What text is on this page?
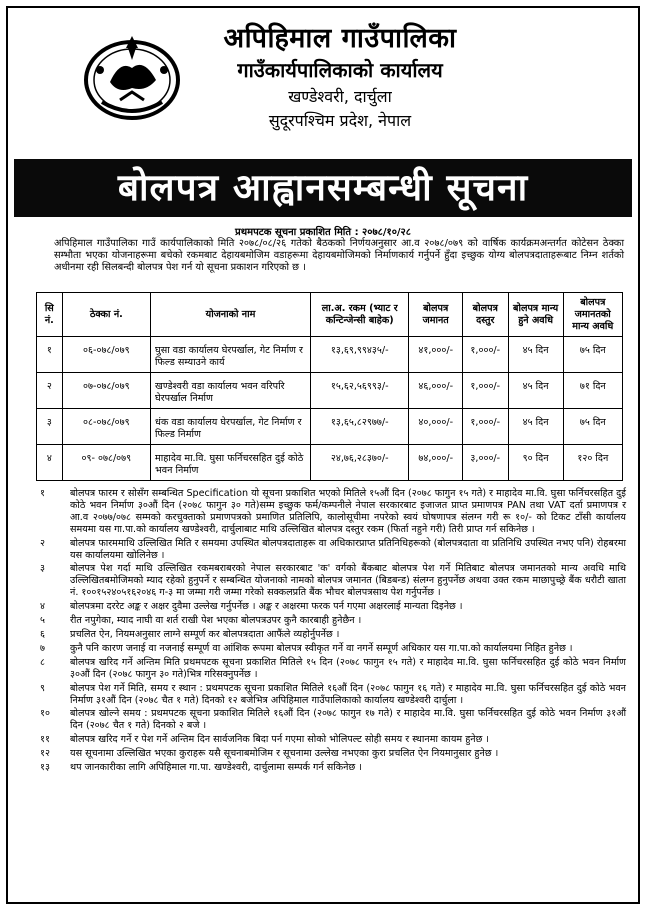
अपिहिमाल गाउँपालिका
गाउँकार्यपालिकाको कार्यालय
खण्डेश्वरी, दार्चुला
सुदूरपश्चिम प्रदेश, नेपाल
बोलपत्र आह्वानसम्बन्धी सूचना
प्रथमपटक सूचना प्रकाशित मिति : २०७८/१०/२८
अपिहिमाल गाउँपालिका गाउँ कार्यपालिकाको मिति २०७८/०८/२६ गतेको बैठकको निर्णयअनुसार आ.व २०७८/०७९ को वार्षिक कार्यक्रमअन्तर्गत कोटेसन ठेक्का सम्भौता भएका योजनाहरूमा बचेको रकमबाट देहायबमोजिम वडाहरूमा देहायबमोजिमको निर्माणकार्य गर्नुपर्ने हुँदा इच्छुक योग्य बोलपत्रदाताहरूबाट निम्न शर्तको अधीनमा रही सिलबन्दी बोलपत्र पेश गर्न यो सूचना प्रकाशन गरिएको छ ।
सि नं.	ठेक्का नं.	योजनाको नाम	ला.अ. रकम (भ्याट र कन्टिन्जेन्सी बाहेक)	बोलपत्र जमानत	बोलपत्र दस्तुर	बोलपत्र मान्य हुने अवधि	बोलपत्र जमानतको मान्य अवधि
१	०६-०७८/०७९	घुसा वडा कार्यालय घेरपर्खाल, गेट निर्माण र फिल्ड सम्याउने कार्य	१३,६९,९९४३५/-	४१,०००/-	१,०००/-	४५ दिन	७५ दिन
२	०७-०७८/०७९	खण्डेश्वरी वडा कार्यालय भवन वरिपरि घेरपर्खाल निर्माण	१५,६२,५६९९३/-	४६,०००/-	१,०००/-	४५ दिन	७१ दिन
३	०८-०७८/०७९	धंक वडा कार्यालय घेरपर्खाल, गेट निर्माण र फिल्ड निर्माण	१३,६५,८२९७७/-	४०,०००/-	१,०००/-	४५ दिन	७५ दिन
४	०९- ०७८/०७९	माहादेव मा.वि. घुसा फर्निचरसहित दुई कोठे भवन निर्माण	२४,७६,२८३७०/-	७४,०००/-	३,०००/-	९० दिन	१२० दिन
१	बोलपत्र फारम र सोसँग सम्बन्धित Specification यो सूचना प्रकाशित भएको मितिले १५औं दिन (२०७८ फागुन १५ गते) र माहादेव मा.वि. घुसा फर्निचरसहित दुई कोठे भवन निर्माण ३०औं दिन (२०७८ फागुन ३० गते)सम्म इच्छुक फर्म/कम्पनीले नेपाल सरकारबाट इजाजत प्राप्त प्रमाणपत्र PAN तथा VAT दर्ता प्रमाणपत्र र आ.व २०७७/०७८ सम्मको करचुक्ताको प्रमाणपत्रको प्रमाणित प्रतिलिपि, कालोसूचीमा नपरेको स्वयं घोषणापत्र संलग्न गरी रू १०/- को टिकट टाँसी कार्यालय समयमा यस गा.पा.को कार्यालय खण्डेश्वरी, दार्चुलाबाट माथि उल्लिखित बोलपत्र दस्तुर रकम (फिर्ता नहुने गरी) तिरी प्राप्त गर्न सकिनेछ ।
२	बोलपत्र फारममाथि उल्लिखित मिति र समयमा उपस्थित बोलपत्रदाताहरू वा अधिकारप्राप्त प्रतिनिधिहरूको (बोलपत्रदाता वा प्रतिनिधि उपस्थित नभए पनि) रोहबरमा यस कार्यालयमा खोलिनेछ ।
३	बोलपत्र पेश गर्दा माथि उल्लिखित रकमबराबरको नेपाल सरकारबाट 'क' वर्गको बैंकबाट बोलपत्र पेश गर्ने मितिबाट बोलपत्र जमानतको मान्य अवधि माथि उल्लिखितबमोजिमको म्याद रहेको हुनुपर्ने र सम्बन्धित योजनाको नामको बोलपत्र जमानत (बिडबन्ड) संलग्न हुनुपर्नेछ अथवा उक्त रकम माछापुच्छ्रे बैंक धरौटी खाता नं. १००१५२४०५१६२०४६ ग-३ मा जम्मा गरी जम्मा गरेको सक्कलप्रति बैंक भौचर बोलपत्रसाथ पेश गर्नुपर्नेछ ।
४	बोलपत्रमा दररेट अङ्क र अक्षर दुवैमा उल्लेख गर्नुपर्नेछ । अङ्क र अक्षरमा फरक पर्न गएमा अक्षरलाई मान्यता दिइनेछ ।
५	रीत नपुगेका, म्याद नाघी वा शर्त राखी पेश भएका बोलपत्रउपर कुनै कारबाही हुनेछैन ।
६	प्रचलित ऐन, नियमअनुसार लाग्ने सम्पूर्ण कर बोलपत्रदाता आफैंले व्यहोर्नुपर्नेछ ।
७	कुनै पनि कारण जनाई वा नजनाई सम्पूर्ण वा आंशिक रूपमा बोलपत्र स्वीकृत गर्ने वा नगर्ने सम्पूर्ण अधिकार यस गा.पा.को कार्यालयमा निहित हुनेछ ।
८	बोलपत्र खरिद गर्ने अन्तिम मिति प्रथमपटक सूचना प्रकाशित मितिले १५ दिन (२०७८ फागुन १५ गते) र माहादेव मा.वि. घुसा फर्निचरसहित दुई कोठे भवन निर्माण ३०औं दिन (२०७८ फागुन ३० गते)भित्र गरिसक्नुपर्नेछ ।
९	बोलपत्र पेश गर्ने मिति, समय र स्थान : प्रथमपटक सूचना प्रकाशित मितिले १६औं दिन (२०७८ फागुन १६ गते) र माहादेव मा.वि. घुसा फर्निचरसहित दुई कोठे भवन निर्माण ३१औं दिन (२०७८ चैत १ गते) दिनको १२ बजेभित्र अपिहिमाल गाउँपालिकाको कार्यालय खण्डेश्वरी दार्चुला ।
१०	बोलपत्र खोल्ने समय : प्रथमपटक सूचना प्रकाशित मितिले १६औं दिन (२०७८ फागुन १७ गते) र माहादेव मा.वि. घुसा फर्निचरसहित दुई कोठे भवन निर्माण ३१औं दिन (२०७८ चैत १ गते) दिनको २ बजे ।
११	बोलपत्र खरिद गर्ने र पेश गर्ने अन्तिम दिन सार्वजनिक बिदा पर्न गएमा सोको भोलिपल्ट सोही समय र स्थानमा कायम हुनेछ ।
१२	यस सूचनामा उल्लिखित भएका कुराहरू यसै सूचनाबमोजिम र सूचनामा उल्लेख नभएका कुरा प्रचलित ऐन नियमानुसार हुनेछ ।
१३	थप जानकारीका लागि अपिहिमाल गा.पा. खण्डेश्वरी, दार्चुलामा सम्पर्क गर्न सकिनेछ ।
